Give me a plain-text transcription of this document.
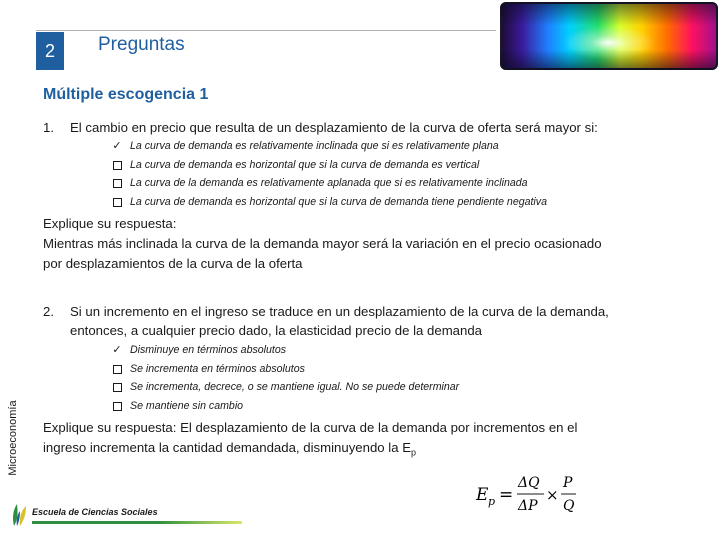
2 Preguntas
Microeconomía
Múltiple escogencia 1
1. El cambio en precio que resulta de un desplazamiento de la curva de oferta será mayor si:
✓ La curva de demanda es relativamente inclinada que si es relativamente plana
La curva de demanda es horizontal que si la curva de demanda es vertical
La curva de la demanda es relativamente aplanada que si es relativamente inclinada
La curva de demanda es horizontal que si la curva de demanda tiene pendiente negativa
Explique su respuesta:
Mientras más inclinada la curva de la demanda mayor será la variación en el precio ocasionado
por desplazamientos de la curva de la oferta
2. Si un incremento en el ingreso se traduce en un desplazamiento de la curva de la demanda,
entonces, a cualquier precio dado, la elasticidad precio de la demanda
✓ Disminuye en términos absolutos
Se incrementa en términos absolutos
Se incrementa, decrece, o se mantiene igual. No se puede determinar
Se mantiene sin cambio
Explique su respuesta: El desplazamiento de la curva de la demanda por incrementos en el
ingreso incrementa la cantidad demandada, disminuyendo la $E_p$
E p =
ΔQ
ΔP
×
P
Q
Escuela de Ciencias Sociales
